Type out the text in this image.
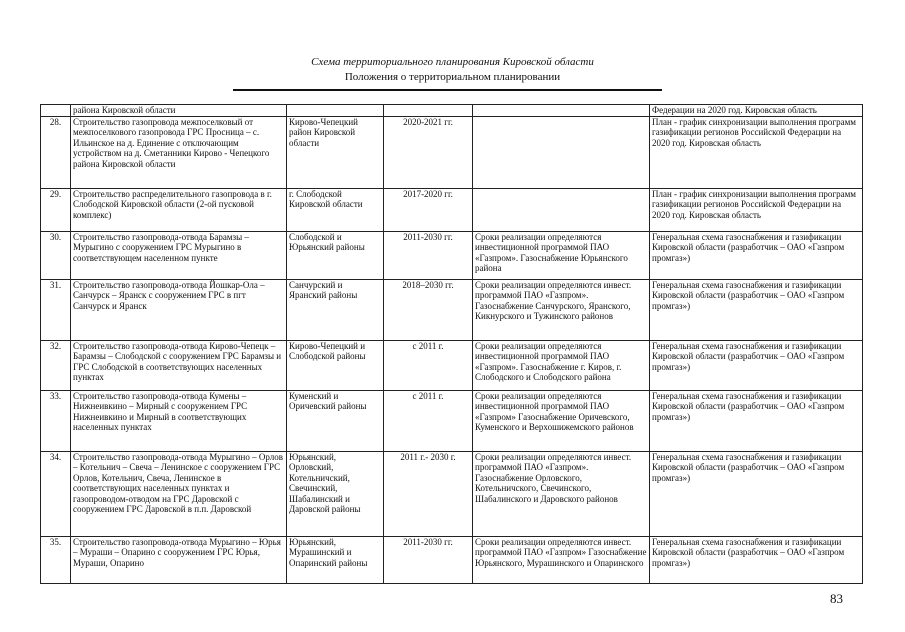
Схема территориального планирования Кировской области
Положения о территориальном планировании
	района Кировской области				Федерации на 2020 год. Кировская область
28.	Строительство газопровода межпоселковый от межпоселкового газопровода ГРС Просница – с. Ильинское на д. Единение с отключающим устройством на д. Сметанники Кирово - Чепецкого района Кировской области	Кирово-Чепецкий район Кировской области	2020-2021 гг.		План - график синхронизации выполнения программ газификации регионов Российской Федерации на 2020 год. Кировская область
29.	Строительство распределительного газопровода в г. Слободской Кировской области (2-ой пусковой комплекс)	г. Слободской Кировской области	2017-2020 гг.		План - график синхронизации выполнения программ газификации регионов Российской Федерации на 2020 год. Кировская область
30.	Строительство газопровода-отвода Барамзы – Мурыгино с сооружением ГРС Мурыгино в соответствующем населенном пункте	Слободской и Юрьянский районы	2011-2030 гг.	Сроки реализации определяются инвестиционной программой ПАО «Газпром». Газоснабжение Юрьянского района	Генеральная схема газоснабжения и газификации Кировской области (разработчик – ОАО «Газпром промгаз»)
31.	Строительство газопровода-отвода Йошкар-Ола – Санчурск – Яранск с сооружением ГРС в пгт Санчурск и Яранск	Санчурский и Яранский районы	2018–2030 гг.	Сроки реализации определяются инвест. программой ПАО «Газпром». Газоснабжение Санчурского, Яранского, Кикнурского и Тужинского районов	Генеральная схема газоснабжения и газификации Кировской области (разработчик – ОАО «Газпром промгаз»)
32.	Строительство газопровода-отвода Кирово-Чепецк – Барамзы – Слободской с сооружением ГРС Барамзы и ГРС Слободской в соответствующих населенных пунктах	Кирово-Чепецкий и Слободской районы	с 2011 г.	Сроки реализации определяются инвестиционной программой ПАО «Газпром». Газоснабжение г. Киров, г. Слободского и Слободского района	Генеральная схема газоснабжения и газификации Кировской области (разработчик – ОАО «Газпром промгаз»)
33.	Строительство газопровода-отвода Кумены – Нижнеивкино – Мирный с сооружением ГРС Нижнеивкино и Мирный в соответствующих населенных пунктах	Куменский и Оричевский районы	с 2011 г.	Сроки реализации определяются инвестиционной программой ПАО «Газпром» Газоснабжение Оричевского, Куменского и Верхошижемского районов	Генеральная схема газоснабжения и газификации Кировской области (разработчик – ОАО «Газпром промгаз»)
34.	Строительство газопровода-отвода Мурыгино – Орлов – Котельнич – Свеча – Ленинское с сооружением ГРС Орлов, Котельнич, Свеча, Ленинское в соответствующих населенных пунктах и газопроводом-отводом на ГРС Даровской с сооружением ГРС Даровской в п.п. Даровской	Юрьянский, Орловский, Котельничский, Свечинский, Шабалинский и Даровской районы	2011 г.- 2030 г.	Сроки реализации определяются инвест. программой ПАО «Газпром». Газоснабжение Орловского, Котельничского, Свечинского, Шабалинского и Даровского районов	Генеральная схема газоснабжения и газификации Кировской области (разработчик – ОАО «Газпром промгаз»)
35.	Строительство газопровода-отвода Мурыгино – Юрья – Мураши – Опарино с сооружением ГРС Юрья, Мураши, Опарино	Юрьянский, Мурашинский и Опаринский районы	2011-2030 гг.	Сроки реализации определяются инвест. программой ПАО «Газпром» Газоснабжение Юрьянского, Мурашинского и Опаринского	Генеральная схема газоснабжения и газификации Кировской области (разработчик – ОАО «Газпром промгаз»)
83
